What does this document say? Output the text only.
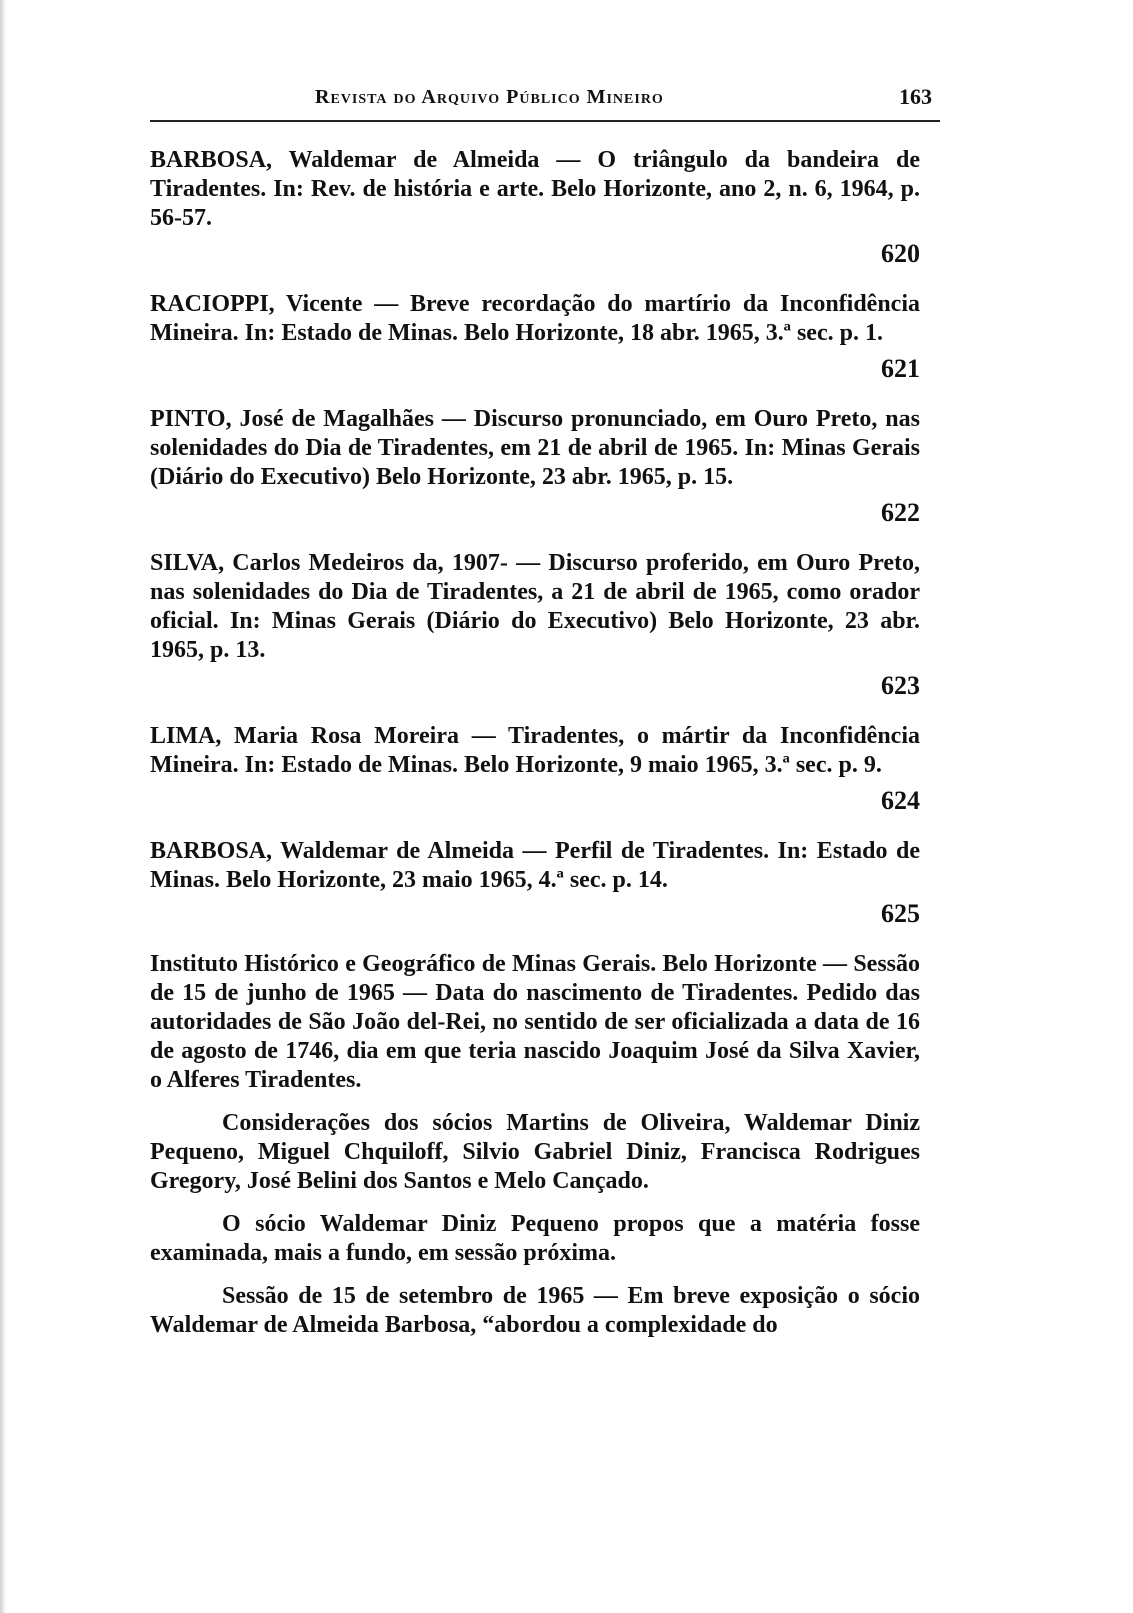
Revista do Arquivo Público Mineiro	163
BARBOSA, Waldemar de Almeida — O triângulo da bandeira de Tiradentes. In: Rev. de história e arte. Belo Horizonte, ano 2, n. 6, 1964, p. 56-57.
620
RACIOPPI, Vicente — Breve recordação do martírio da Inconfidência Mineira. In: Estado de Minas. Belo Horizonte, 18 abr. 1965, 3.ª sec. p. 1.
621
PINTO, José de Magalhães — Discurso pronunciado, em Ouro Preto, nas solenidades do Dia de Tiradentes, em 21 de abril de 1965. In: Minas Gerais (Diário do Executivo) Belo Horizonte, 23 abr. 1965, p. 15.
622
SILVA, Carlos Medeiros da, 1907- — Discurso proferido, em Ouro Preto, nas solenidades do Dia de Tiradentes, a 21 de abril de 1965, como orador oficial. In: Minas Gerais (Diário do Executivo) Belo Horizonte, 23 abr. 1965, p. 13.
623
LIMA, Maria Rosa Moreira — Tiradentes, o mártir da Inconfidência Mineira. In: Estado de Minas. Belo Horizonte, 9 maio 1965, 3.ª sec. p. 9.
624
BARBOSA, Waldemar de Almeida — Perfil de Tiradentes. In: Estado de Minas. Belo Horizonte, 23 maio 1965, 4.ª sec. p. 14.
625

Instituto Histórico e Geográfico de Minas Gerais. Belo Horizonte — Sessão de 15 de junho de 1965 — Data do nascimento de Tiradentes. Pedido das autoridades de São João del-Rei, no sentido de ser oficializada a data de 16 de agosto de 1746, dia em que teria nascido Joaquim José da Silva Xavier, o Alferes Tiradentes.

Considerações dos sócios Martins de Oliveira, Waldemar Diniz Pequeno, Miguel Chquiloff, Silvio Gabriel Diniz, Francisca Rodrigues Gregory, José Belini dos Santos e Melo Cançado.

O sócio Waldemar Diniz Pequeno propos que a matéria fosse examinada, mais a fundo, em sessão próxima.

Sessão de 15 de setembro de 1965 — Em breve exposição o sócio Waldemar de Almeida Barbosa, “abordou a complexidade do
